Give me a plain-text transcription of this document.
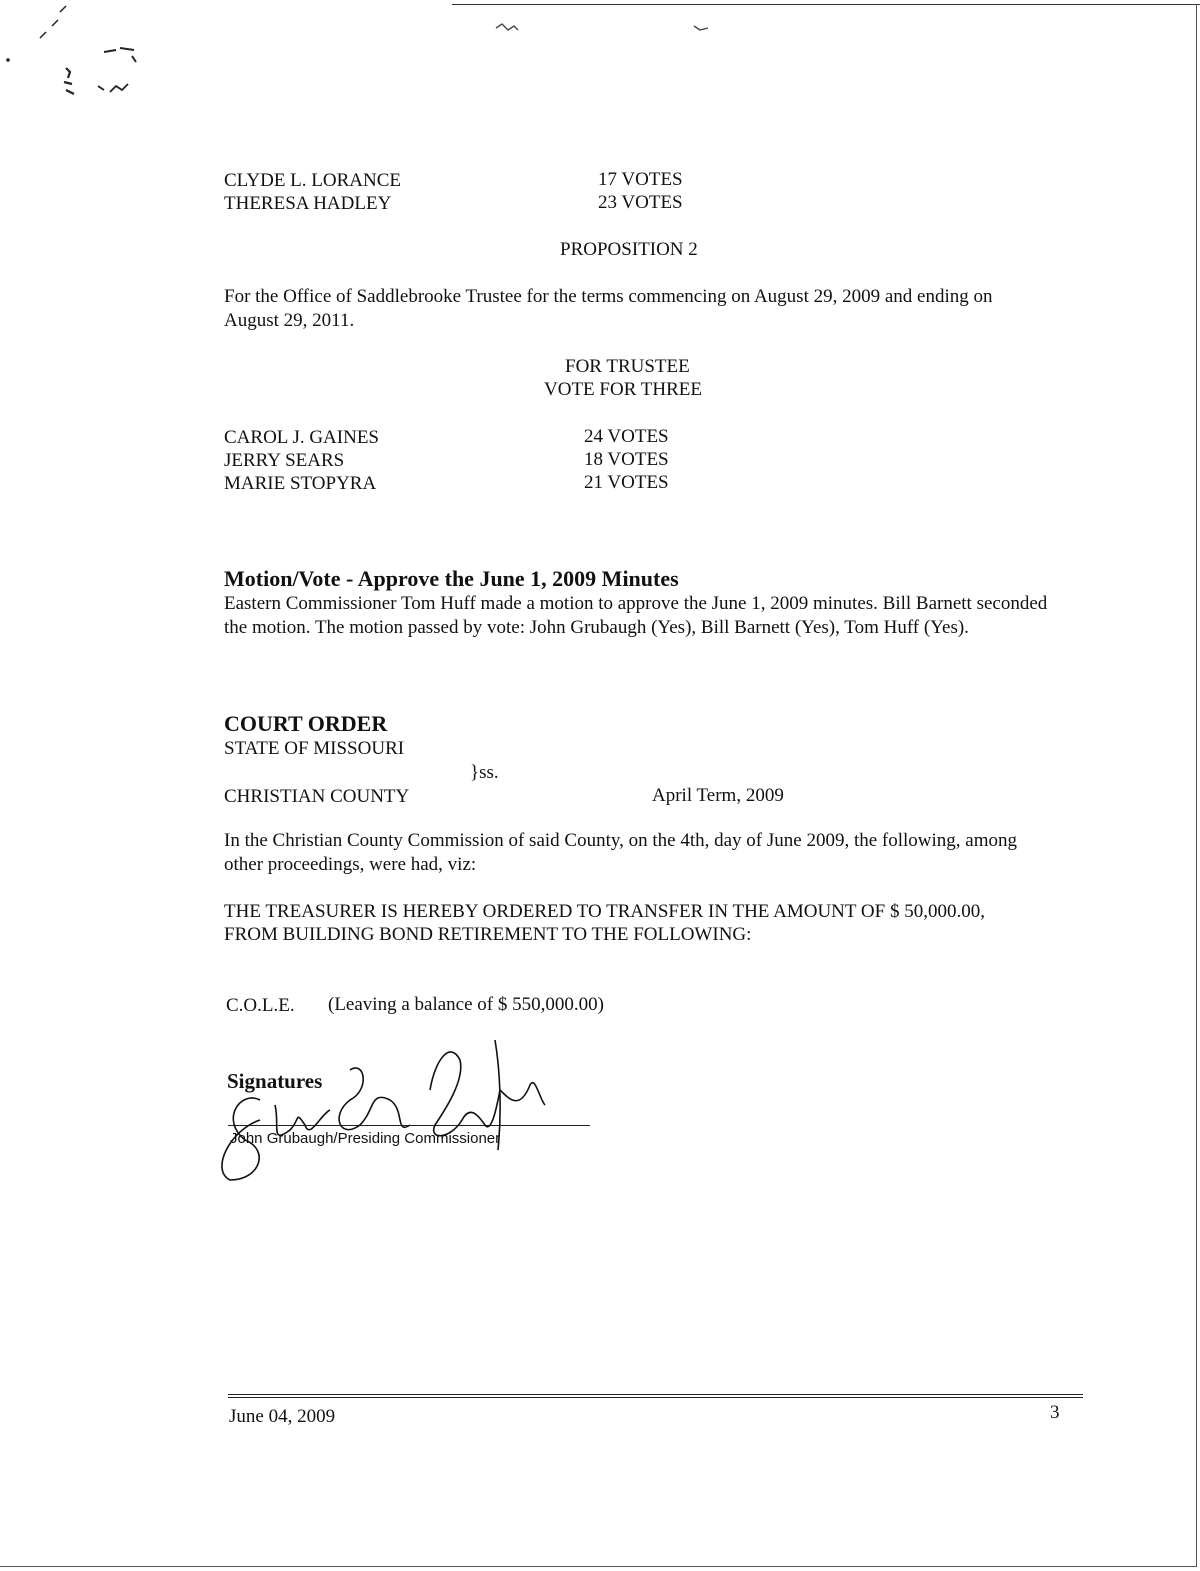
CLYDE L. LORANCE	17 VOTES
THERESA HADLEY	23 VOTES
PROPOSITION 2
For the Office of Saddlebrooke Trustee for the terms commencing on August 29, 2009 and ending on August 29, 2011.
FOR TRUSTEE
VOTE FOR THREE
CAROL J. GAINES	24 VOTES
JERRY SEARS	18 VOTES
MARIE STOPYRA	21 VOTES
Motion/Vote - Approve the June 1, 2009 Minutes
Eastern Commissioner Tom Huff made a motion to approve the June 1, 2009 minutes. Bill Barnett seconded the motion. The motion passed by vote: John Grubaugh (Yes), Bill Barnett (Yes), Tom Huff (Yes).
COURT ORDER
STATE OF MISSOURI
}ss.
CHRISTIAN COUNTY	April Term, 2009
In the Christian County Commission of said County, on the 4th, day of June 2009, the following, among other proceedings, were had, viz:
THE TREASURER IS HEREBY ORDERED TO TRANSFER IN THE AMOUNT OF $ 50,000.00,
FROM BUILDING BOND RETIREMENT TO THE FOLLOWING:
C.O.L.E. (Leaving a balance of $ 550,000.00)
Signatures
John Grubaugh/Presiding Commissioner
June 04, 2009	3
